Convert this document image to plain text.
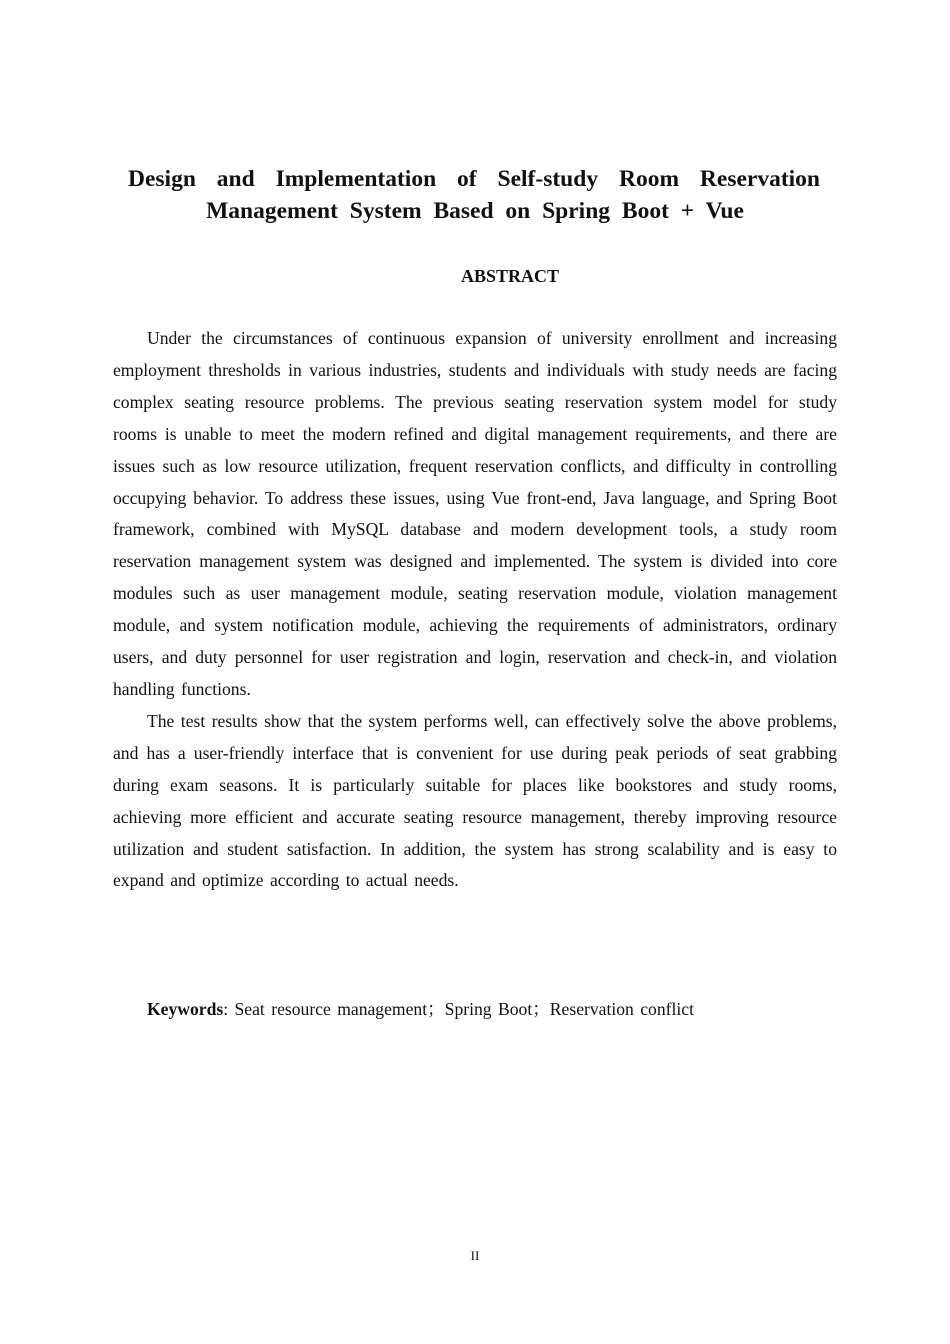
Design and Implementation of Self-study Room Reservation
Management System Based on Spring Boot + Vue
ABSTRACT

Under the circumstances of continuous expansion of university enrollment and increasing employment thresholds in various industries, students and individuals with study needs are facing complex seating resource problems. The previous seating reservation system model for study rooms is unable to meet the modern refined and digital management requirements, and there are issues such as low resource utilization, frequent reservation conflicts, and difficulty in controlling occupying behavior. To address these issues, using Vue front-end, Java language, and Spring Boot framework, combined with MySQL database and modern development tools, a study room reservation management system was designed and implemented. The system is divided into core modules such as user management module, seating reservation module, violation management module, and system notification module, achieving the requirements of administrators, ordinary users, and duty personnel for user registration and login, reservation and check-in, and violation handling functions.

The test results show that the system performs well, can effectively solve the above problems, and has a user-friendly interface that is convenient for use during peak periods of seat grabbing during exam seasons. It is particularly suitable for places like bookstores and study rooms, achieving more efficient and accurate seating resource management, thereby improving resource utilization and student satisfaction. In addition, the system has strong scalability and is easy to expand and optimize according to actual needs.

Keywords: Seat resource management；Spring Boot；Reservation conflict
II
